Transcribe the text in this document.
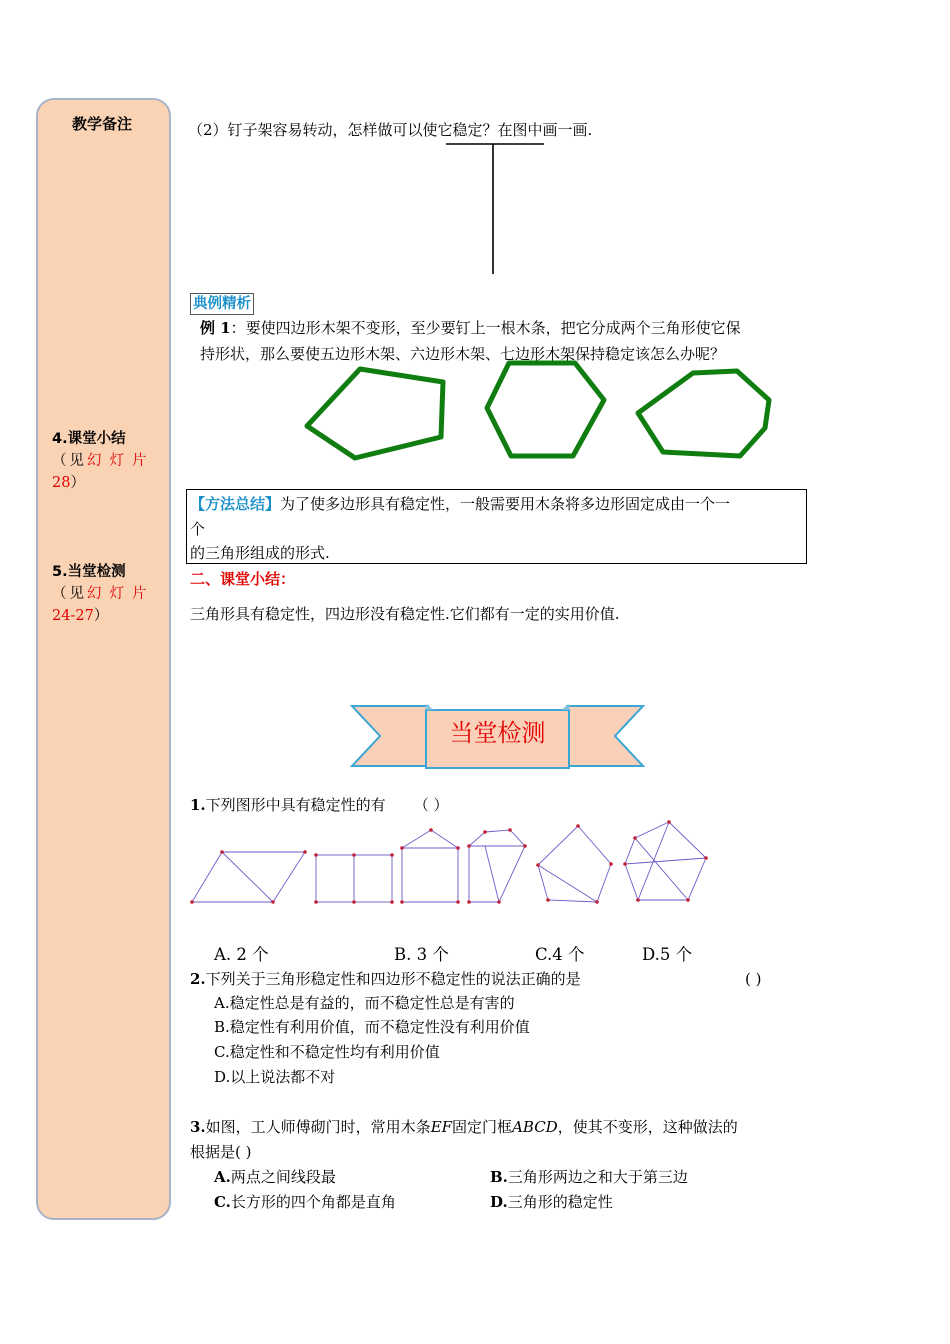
教学备注
4.课堂小结
（见幻灯片
28）
5.当堂检测
（见幻灯片
24-27）
（2）钉子架容易转动，怎样做可以使它稳定？在图中画一画.
典例精析
例 1：要使四边形木架不变形，至少要钉上一根木条，把它分成两个三角形使它保
持形状，那么要使五边形木架、六边形木架、七边形木架保持稳定该怎么办呢？
【方法总结】为了使多边形具有稳定性，一般需要用木条将多边形固定成由一个一
个
的三角形组成的形式.
二、课堂小结：
三角形具有稳定性，四边形没有稳定性.它们都有一定的实用价值.
当堂检测
1.下列图形中具有稳定性的有 （ ）
A. 2 个	B. 3 个	C.4 个	D.5 个
2.下列关于三角形稳定性和四边形不稳定性的说法正确的是	( )
A.稳定性总是有益的，而不稳定性总是有害的
B.稳定性有利用价值，而不稳定性没有利用价值
C.稳定性和不稳定性均有利用价值
D.以上说法都不对
3.如图，工人师傅砌门时，常用木条EF固定门框ABCD，使其不变形，这种做法的
根据是( )
A.两点之间线段最	B.三角形两边之和大于第三边
C.长方形的四个角都是直角	D.三角形的稳定性
